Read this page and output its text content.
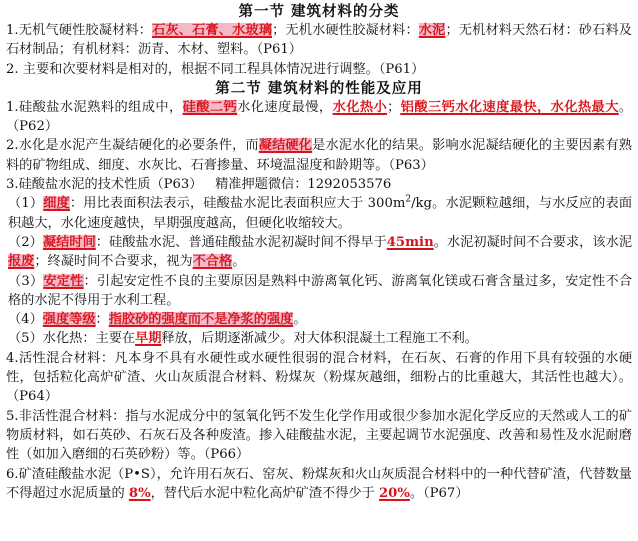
第一节 建筑材料的分类

1.无机气硬性胶凝材料：石灰、石膏、水玻璃；无机水硬性胶凝材料：水泥；无机材料天然石材：砂石料及石材制品；有机材料：沥青、木材、塑料。（P61）

2. 主要和次要材料是相对的，根据不同工程具体情况进行调整。（P61）

第二节 建筑材料的性能及应用

1.硅酸盐水泥熟料的组成中，硅酸二钙水化速度最慢，水化热小；铝酸三钙水化速度最快，水化热最大。（P62）

2.水化是水泥产生凝结硬化的必要条件，而凝结硬化是水泥水化的结果。影响水泥凝结硬化的主要因素有熟料的矿物组成、细度、水灰比、石膏掺量、环境温湿度和龄期等。（P63）

3.硅酸盐水泥的技术性质（P63） 精准押题微信：1292053576

（1）细度：用比表面积法表示，硅酸盐水泥比表面积应大于 $300m^2/kg$。水泥颗粒越细，与水反应的表面积越大，水化速度越快，早期强度越高，但硬化收缩较大。

（2）凝结时间：硅酸盐水泥、普通硅酸盐水泥初凝时间不得早于45min。水泥初凝时间不合要求，该水泥报废；终凝时间不合要求，视为不合格。

（3）安定性：引起安定性不良的主要原因是熟料中游离氧化钙、游离氧化镁或石膏含量过多，安定性不合格的水泥不得用于水利工程。

（4）强度等级：指胶砂的强度而不是净浆的强度。

（5）水化热：主要在早期释放，后期逐渐减少。对大体积混凝土工程施工不利。

4.活性混合材料：凡本身不具有水硬性或水硬性很弱的混合材料，在石灰、石膏的作用下具有较强的水硬性，包括粒化高炉矿渣、火山灰质混合材料、粉煤灰（粉煤灰越细，细粉占的比重越大，其活性也越大）。（P64）

5.非活性混合材料：指与水泥成分中的氢氧化钙不发生化学作用或很少参加水泥化学反应的天然或人工的矿物质材料，如石英砂、石灰石及各种废渣。掺入硅酸盐水泥，主要起调节水泥强度、改善和易性及水泥耐磨性（如加入磨细的石英砂粉）等。（P66）

6.矿渣硅酸盐水泥（P•S），允许用石灰石、窑灰、粉煤灰和火山灰质混合材料中的一种代替矿渣，代替数量不得超过水泥质量的 8%，替代后水泥中粒化高炉矿渣不得少于 20%。（P67）
